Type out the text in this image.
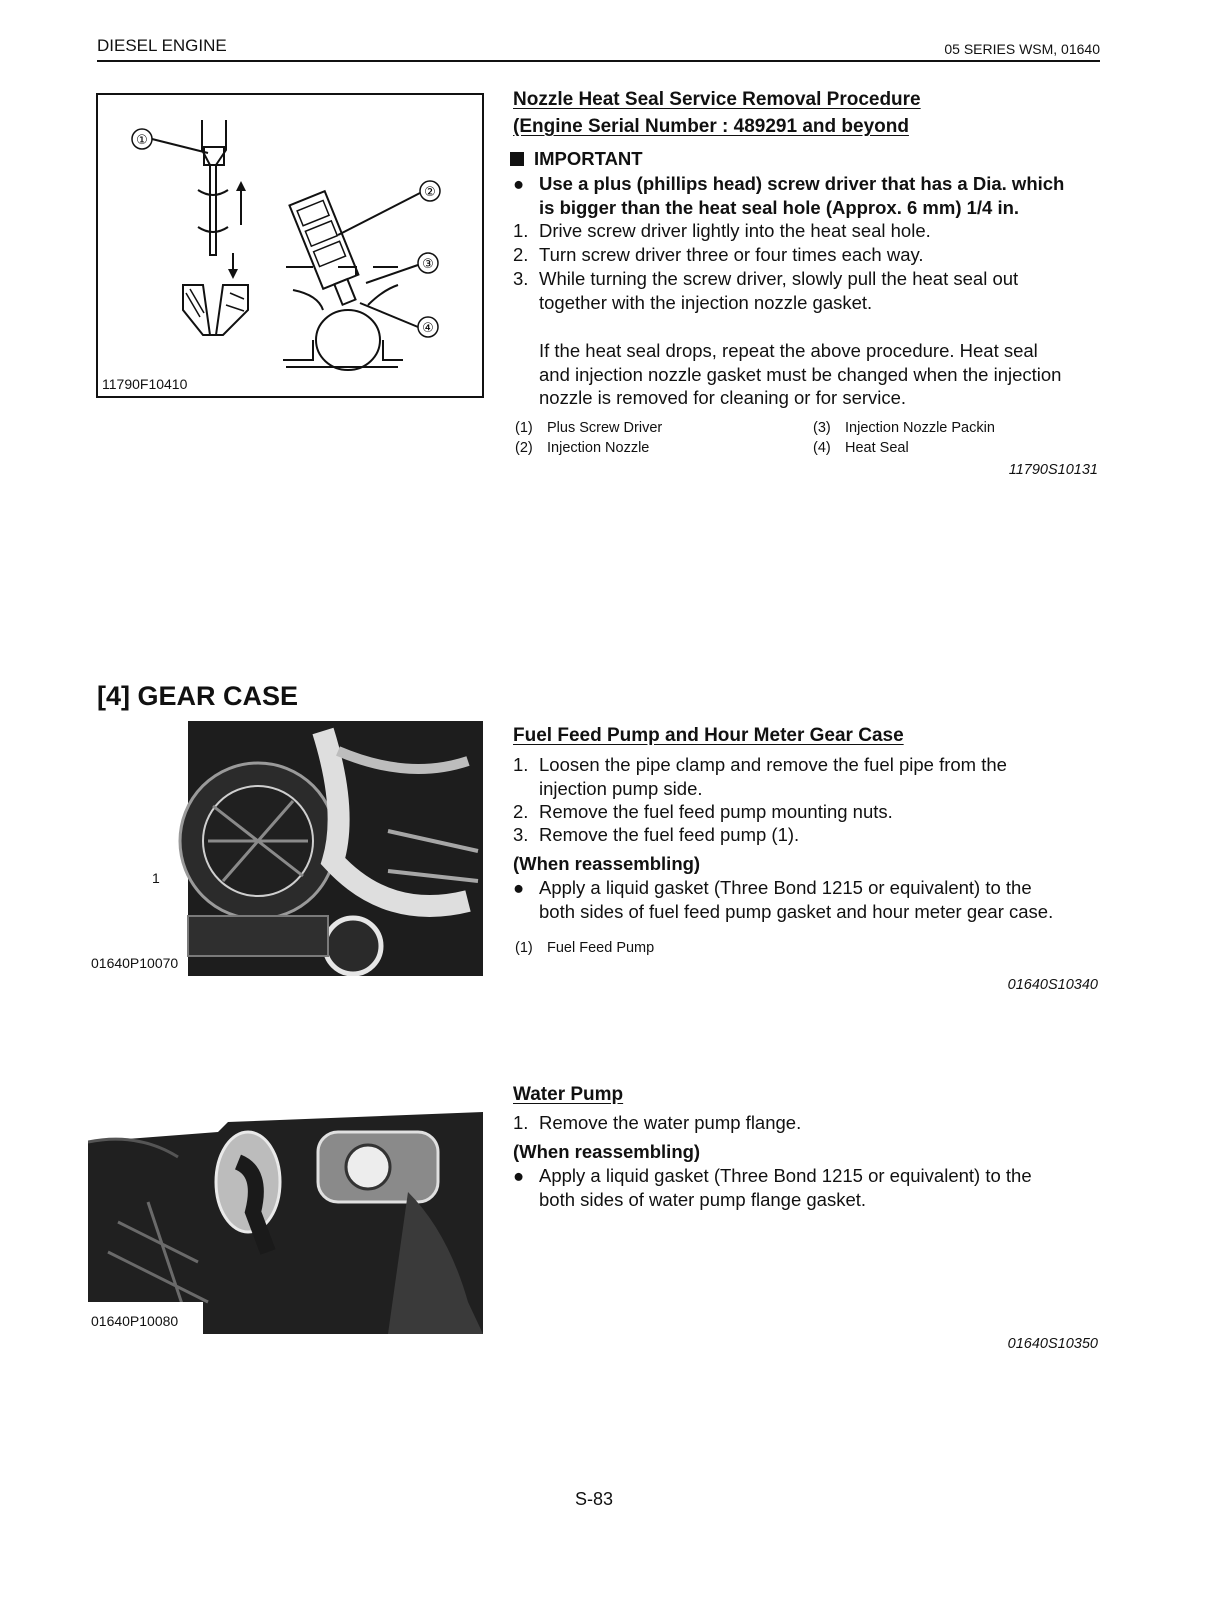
DIESEL ENGINE	05 SERIES WSM, 01640
①
②
③
④
11790F10410
Nozzle Heat Seal Service Removal Procedure
(Engine Serial Number : 489291 and beyond
IMPORTANT
● Use a plus (phillips head) screw driver that has a Dia. which
is bigger than the heat seal hole (Approx. 6 mm) 1/4 in.
1. Drive screw driver lightly into the heat seal hole.
2. Turn screw driver three or four times each way.
3. While turning the screw driver, slowly pull the heat seal out
together with the injection nozzle gasket.
If the heat seal drops, repeat the above procedure. Heat seal
and injection nozzle gasket must be changed when the injection
nozzle is removed for cleaning or for service.
(1) Plus Screw Driver
(2) Injection Nozzle
(3) Injection Nozzle Packin
(4) Heat Seal
11790S10131
[4] GEAR CASE
1
01640P10070
Fuel Feed Pump and Hour Meter Gear Case
1. Loosen the pipe clamp and remove the fuel pipe from the
injection pump side.
2. Remove the fuel feed pump mounting nuts.
3. Remove the fuel feed pump (1).
(When reassembling)
● Apply a liquid gasket (Three Bond 1215 or equivalent) to the
both sides of fuel feed pump gasket and hour meter gear case.
(1) Fuel Feed Pump
01640S10340
01640P10080
Water Pump
1. Remove the water pump flange.
(When reassembling)
● Apply a liquid gasket (Three Bond 1215 or equivalent) to the
both sides of water pump flange gasket.
01640S10350
S-83
